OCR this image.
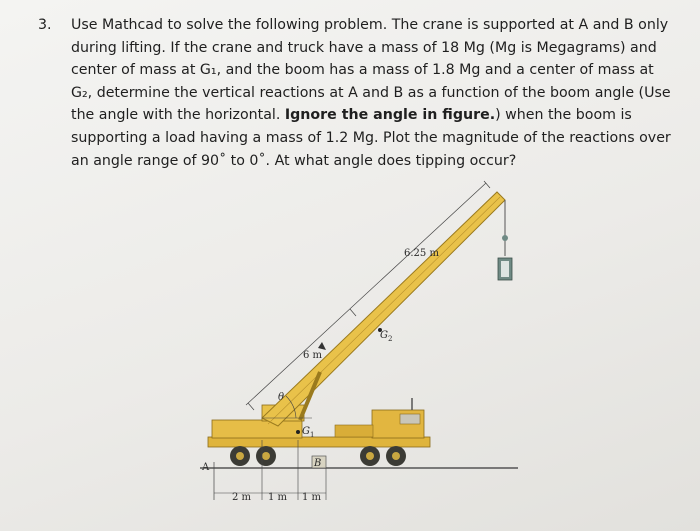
3. Use Mathcad to solve the following problem. The crane is supported at A and B only during lifting. If the crane and truck have a mass of 18 Mg (Mg is Megagrams) and center of mass at G₁, and the boom has a mass of 1.8 Mg and a center of mass at G₂, determine the vertical reactions at A and B as a function of the boom angle (Use the angle with the horizontal. Ignore the angle in figure.) when the boom is supporting a load having a mass of 1.2 Mg. Plot the magnitude of the reactions over an angle range of 90˚ to 0˚. At what angle does tipping occur?
6 m
6.25 m
θ
G 1
G 2
A	B
2 m 1 m 1 m
